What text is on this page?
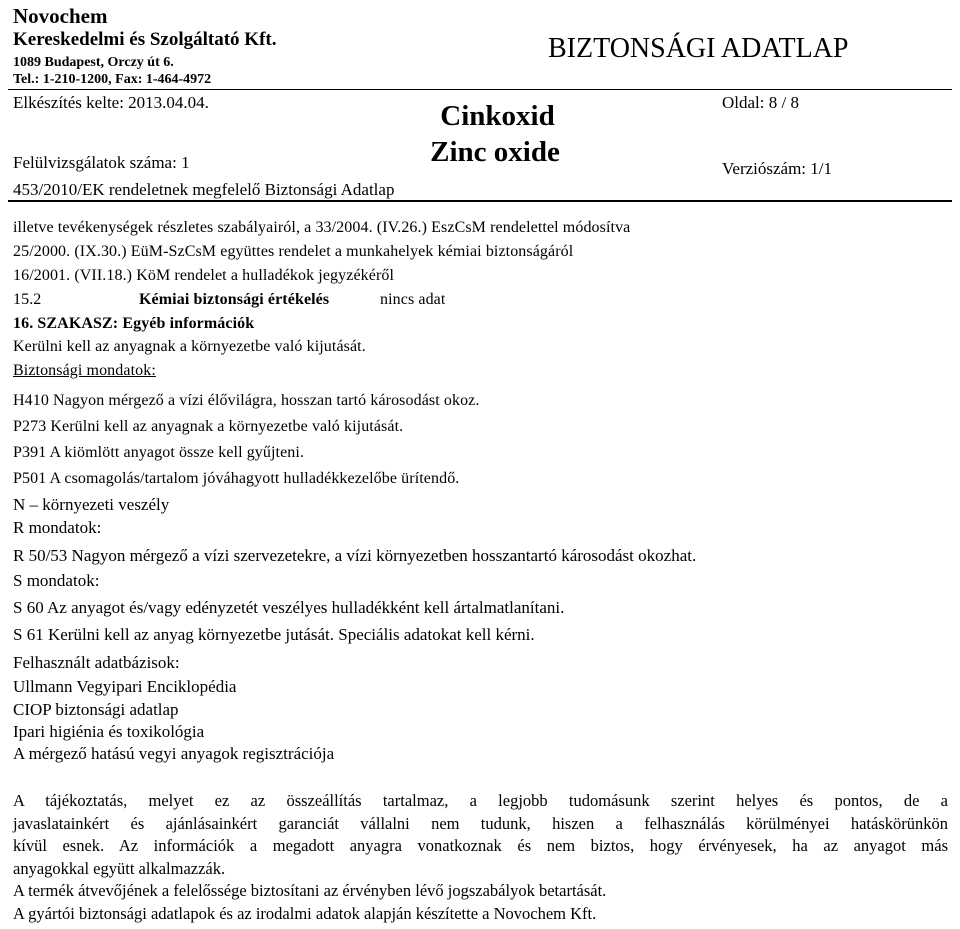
Novochem
Kereskedelmi és Szolgáltató Kft.
1089 Budapest, Orczy út 6.
Tel.: 1-210-1200, Fax: 1-464-4972
BIZTONSÁGI ADATLAP
Elkészítés kelte: 2013.04.04.
Felülvizsgálatok száma: 1
453/2010/EK rendeletnek megfelelő Biztonsági Adatlap
Cinkoxid
Zinc oxide
Oldal: 8 / 8
Verziószám: 1/1
illetve tevékenységek részletes szabályairól, a 33/2004. (IV.26.) EszCsM rendelettel módosítva
25/2000. (IX.30.) EüM-SzCsM együttes rendelet a munkahelyek kémiai biztonságáról
16/2001. (VII.18.) KöM rendelet a hulladékok jegyzékéről
15.2	Kémiai biztonsági értékelés	nincs adat
16. SZAKASZ: Egyéb információk
Kerülni kell az anyagnak a környezetbe való kijutását.
Biztonsági mondatok:
H410 Nagyon mérgező a vízi élővilágra, hosszan tartó károsodást okoz.
P273 Kerülni kell az anyagnak a környezetbe való kijutását.
P391 A kiömlött anyagot össze kell gyűjteni.
P501 A csomagolás/tartalom jóváhagyott hulladékkezelőbe ürítendő.
N – környezeti veszély
R mondatok:
R 50/53 Nagyon mérgező a vízi szervezetekre, a vízi környezetben hosszantartó károsodást okozhat.
S mondatok:
S 60 Az anyagot és/vagy edényzetét veszélyes hulladékként kell ártalmatlanítani.
S 61 Kerülni kell az anyag környezetbe jutását. Speciális adatokat kell kérni.
Felhasznált adatbázisok:
Ullmann Vegyipari Enciklopédia
CIOP biztonsági adatlap
Ipari higiénia és toxikológia
A mérgező hatású vegyi anyagok regisztrációja

A tájékoztatás, melyet ez az összeállítás tartalmaz, a legjobb tudomásunk szerint helyes és pontos, de a

javaslatainkért és ajánlásainkért garanciát vállalni nem tudunk, hiszen a felhasználás körülményei hatáskörünkön

kívül esnek. Az információk a megadott anyagra vonatkoznak és nem biztos, hogy érvényesek, ha az anyagot más

anyagokkal együtt alkalmazzák.

A termék átvevőjének a felelőssége biztosítani az érvényben lévő jogszabályok betartását.

A gyártói biztonsági adatlapok és az irodalmi adatok alapján készítette a Novochem Kft.
